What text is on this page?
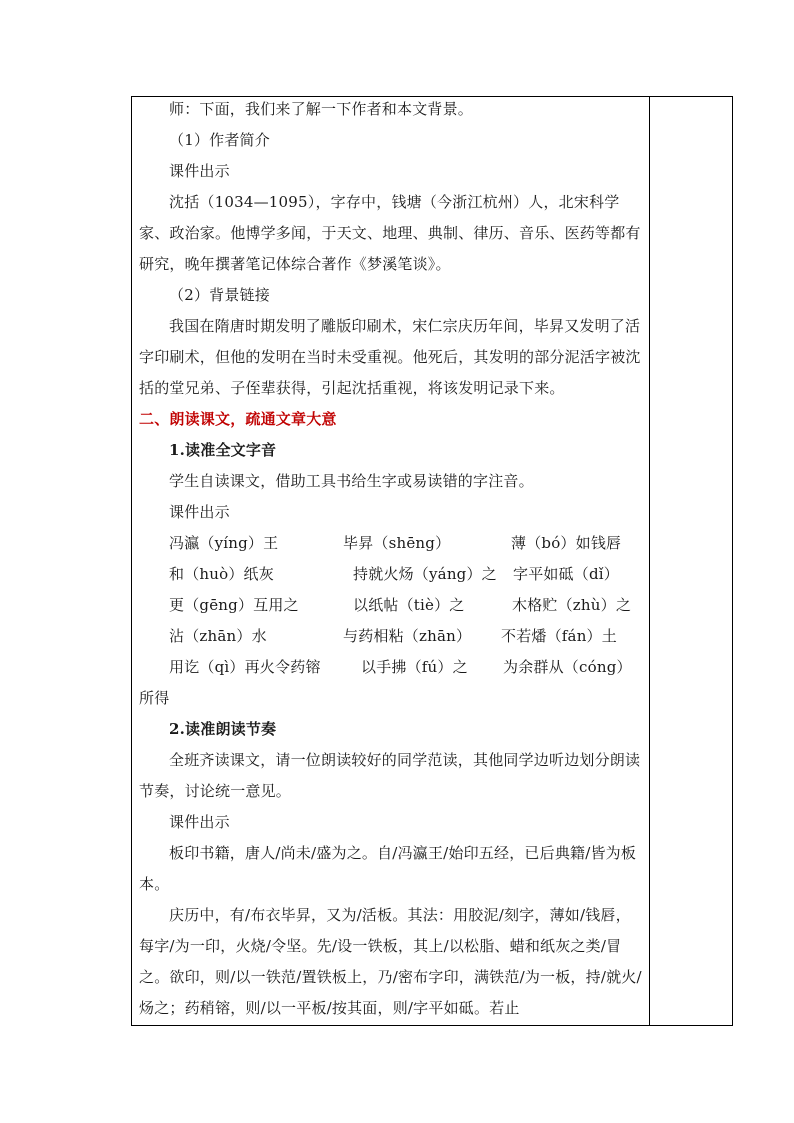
师：下面，我们来了解一下作者和本文背景。

（1）作者简介

课件出示

沈括（1034—1095），字存中，钱塘（今浙江杭州）人，北宋科学家、政治家。他博学多闻，于天文、地理、典制、律历、音乐、医药等都有研究，晚年撰著笔记体综合著作《梦溪笔谈》。

（2）背景链接

我国在隋唐时期发明了雕版印刷术，宋仁宗庆历年间，毕昇又发明了活字印刷术，但他的发明在当时未受重视。他死后，其发明的部分泥活字被沈括的堂兄弟、子侄辈获得，引起沈括重视，将该发明记录下来。

二、朗读课文，疏通文章大意

1.读准全文字音

学生自读课文，借助工具书给生字或易读错的字注音。

课件出示

冯瀛（yíng）王	毕昇（shēng）	薄（bó）如钱唇
和（huò）纸灰	持就火炀（yáng）之	字平如砥（dǐ）
更（gēng）互用之	以纸帖（tiè）之	木格贮（zhù）之
沾（zhān）水	与药相粘（zhān）	不若燔（fán）土
用讫（qì）再火令药镕	以手拂（fú）之	为余群从（cóng）

所得

2.读准朗读节奏

全班齐读课文，请一位朗读较好的同学范读，其他同学边听边划分朗读节奏，讨论统一意见。

课件出示

板印书籍，唐人/尚未/盛为之。自/冯瀛王/始印五经，已后典籍/皆为板本。

庆历中，有/布衣毕昇，又为/活板。其法：用胶泥/刻字，薄如/钱唇，每字/为一印，火烧/令坚。先/设一铁板，其上/以松脂、蜡和纸灰之类/冒之。欲印，则/以一铁范/置铁板上，乃/密布字印，满铁范/为一板，持/就火/炀之；药稍镕，则/以一平板/按其面，则/字平如砥。若止
